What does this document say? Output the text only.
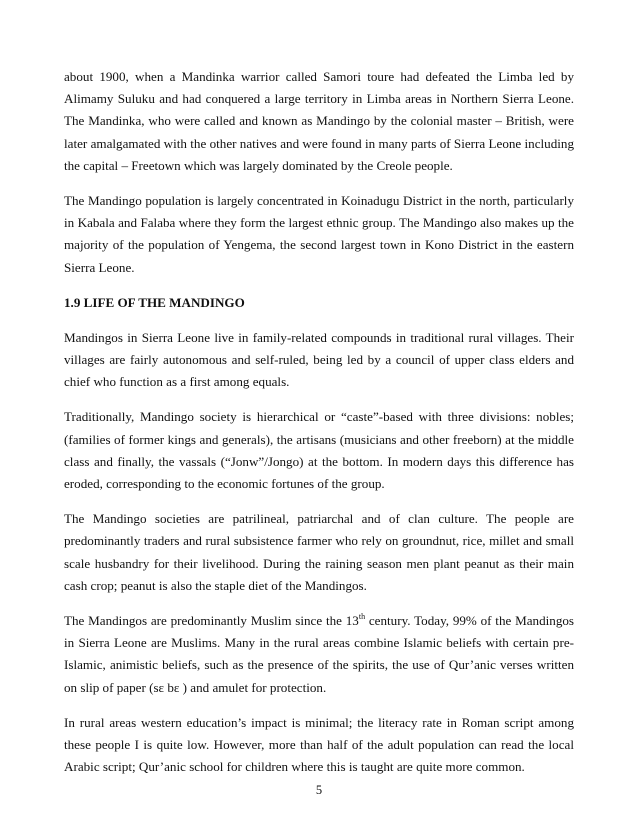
about 1900, when a Mandinka warrior called Samori toure had defeated the Limba led by Alimamy Suluku and had conquered a large territory in Limba areas in Northern Sierra Leone. The Mandinka, who were called and known as Mandingo by the colonial master – British, were later amalgamated with the other natives and were found in many parts of Sierra Leone including the capital – Freetown which was largely dominated by the Creole people.

The Mandingo population is largely concentrated in Koinadugu District in the north, particularly in Kabala and Falaba where they form the largest ethnic group. The Mandingo also makes up the majority of the population of Yengema, the second largest town in Kono District in the eastern Sierra Leone.

1.9 LIFE OF THE MANDINGO

Mandingos in Sierra Leone live in family-related compounds in traditional rural villages. Their villages are fairly autonomous and self-ruled, being led by a council of upper class elders and chief who function as a first among equals.

Traditionally, Mandingo society is hierarchical or “caste”-based with three divisions: nobles; (families of former kings and generals), the artisans (musicians and other freeborn) at the middle class and finally, the vassals (“Jonw”/Jongo) at the bottom. In modern days this difference has eroded, corresponding to the economic fortunes of the group.

The Mandingo societies are patrilineal, patriarchal and of clan culture. The people are predominantly traders and rural subsistence farmer who rely on groundnut, rice, millet and small scale husbandry for their livelihood. During the raining season men plant peanut as their main cash crop; peanut is also the staple diet of the Mandingos.

The Mandingos are predominantly Muslim since the 13th century. Today, 99% of the Mandingos in Sierra Leone are Muslims. Many in the rural areas combine Islamic beliefs with certain pre-Islamic, animistic beliefs, such as the presence of the spirits, the use of Qur’anic verses written on slip of paper (sɛ bɛ ) and amulet for protection.

In rural areas western education’s impact is minimal; the literacy rate in Roman script among these people I is quite low. However, more than half of the adult population can read the local Arabic script; Qur’anic school for children where this is taught are quite more common.

5
